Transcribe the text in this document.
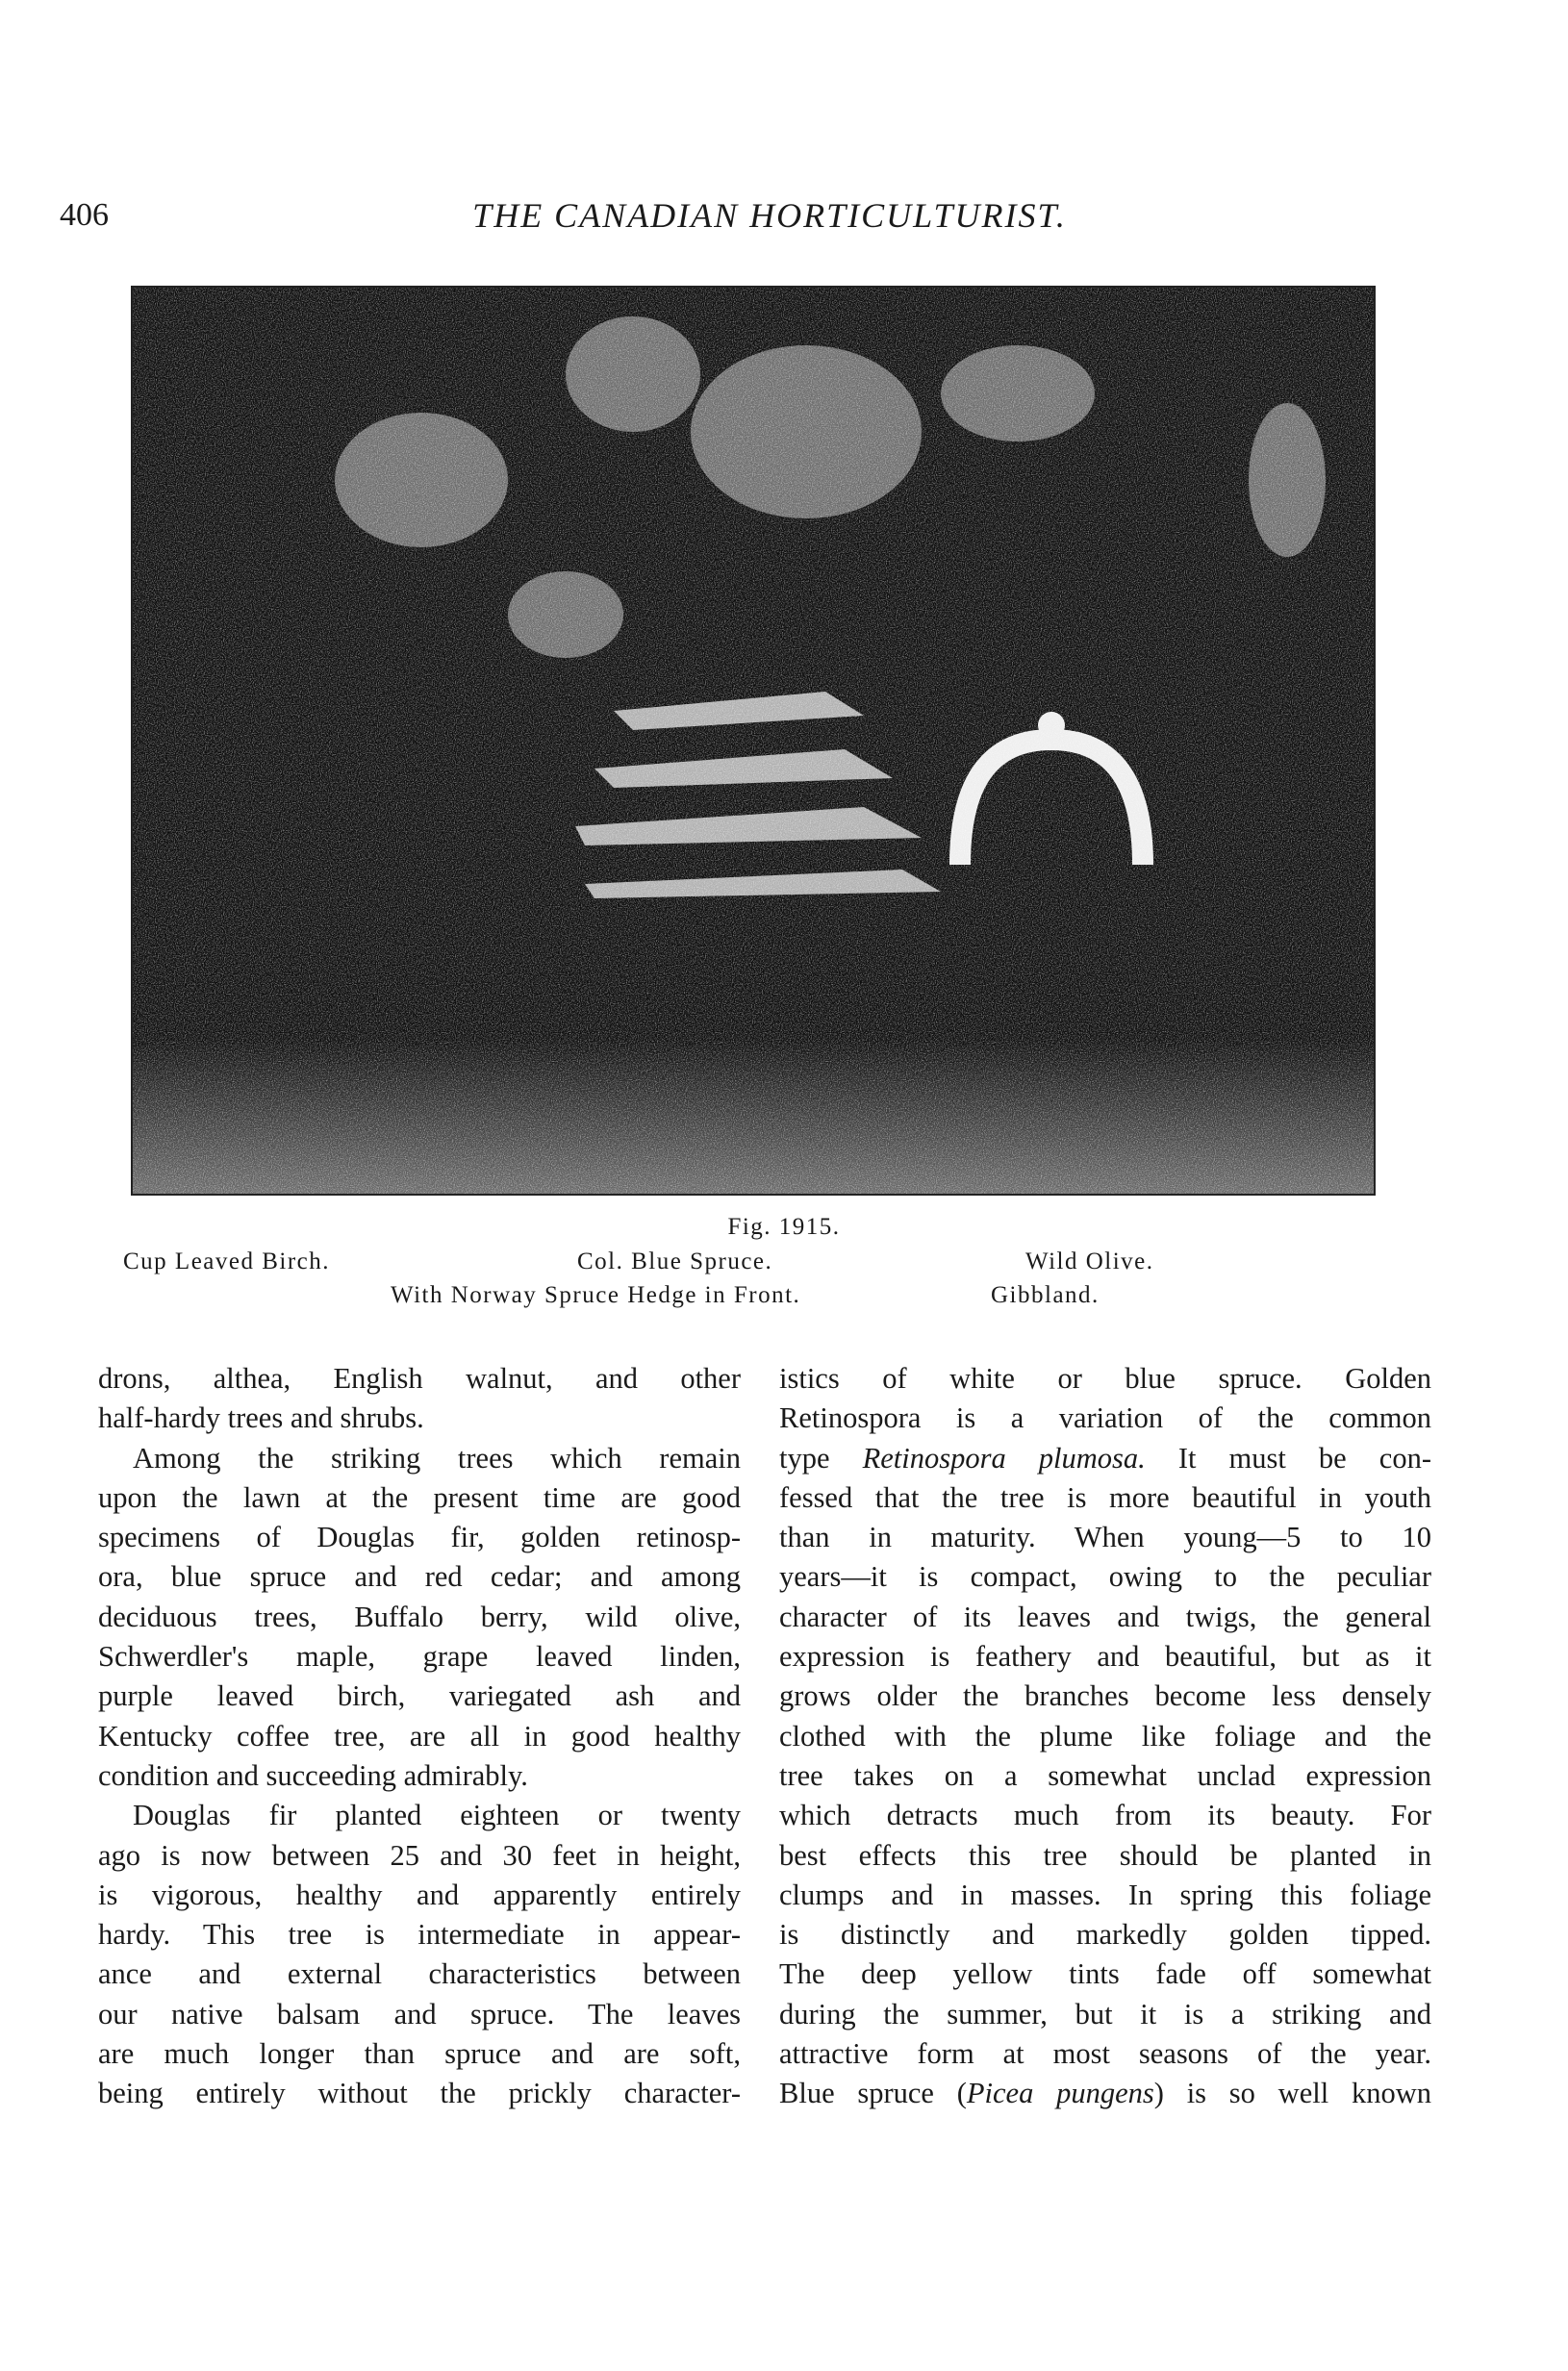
406	THE CANADIAN HORTICULTURIST.
Fig. 1915.
Cup Leaved Birch.	Col. Blue Spruce.	Wild Olive.
With Norway Spruce Hedge in Front.	Gibbland.
drons, althea, English walnut, and other
half-hardy trees and shrubs.
Among the striking trees which remain
upon the lawn at the present time are good
specimens of Douglas fir, golden retinosp-
ora, blue spruce and red cedar; and among
deciduous trees, Buffalo berry, wild olive,
Schwerdler's maple, grape leaved linden,
purple leaved birch, variegated ash and
Kentucky coffee tree, are all in good healthy
condition and succeeding admirably.
Douglas fir planted eighteen or twenty
ago is now between 25 and 30 feet in height,
is vigorous, healthy and apparently entirely
hardy. This tree is intermediate in appear-
ance and external characteristics between
our native balsam and spruce. The leaves
are much longer than spruce and are soft,
being entirely without the prickly character-
istics of white or blue spruce. Golden
Retinospora is a variation of the common
type Retinospora plumosa. It must be con-
fessed that the tree is more beautiful in youth
than in maturity. When young—5 to 10
years—it is compact, owing to the peculiar
character of its leaves and twigs, the general
expression is feathery and beautiful, but as it
grows older the branches become less densely
clothed with the plume like foliage and the
tree takes on a somewhat unclad expression
which detracts much from its beauty. For
best effects this tree should be planted in
clumps and in masses. In spring this foliage
is distinctly and markedly golden tipped.
The deep yellow tints fade off somewhat
during the summer, but it is a striking and
attractive form at most seasons of the year.
Blue spruce (Picea pungens) is so well known
